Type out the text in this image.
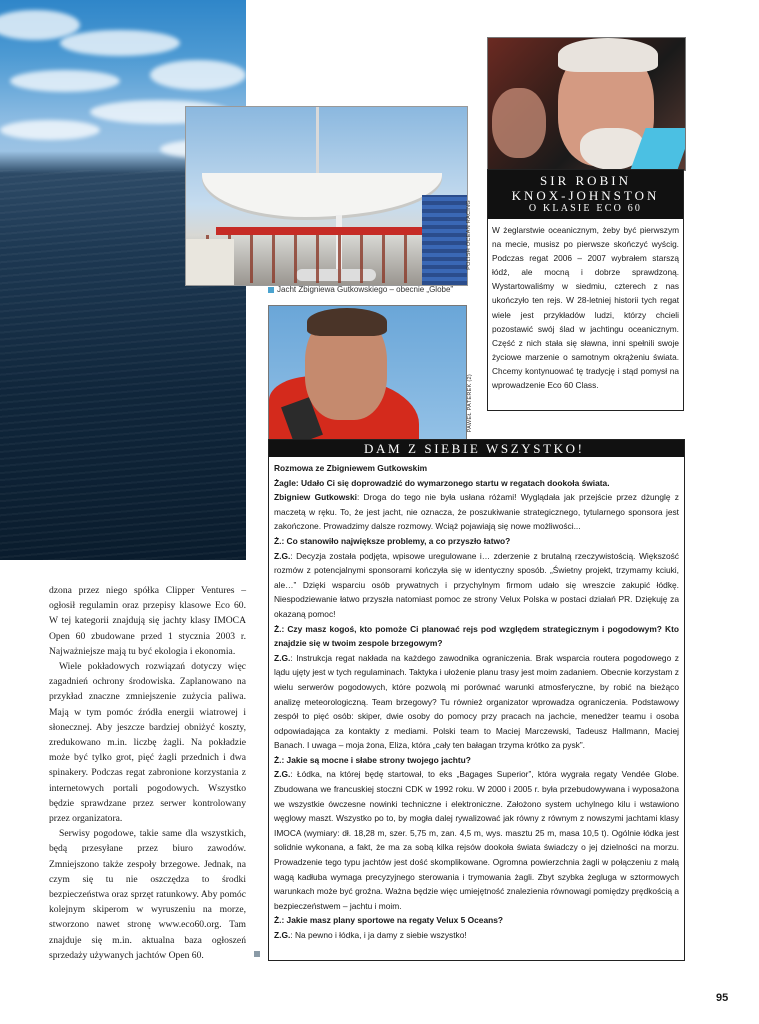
POLISH OCEAN RACING
Jacht Zbigniewa Gutkowskiego – obecnie „Globe”
PAWEŁ PATEREK (2)
SIR ROBIN
KNOX-JOHNSTON
O KLASIE ECO 60
W żeglarstwie oceanicznym, żeby być pierwszym na mecie, musisz po pierwsze skończyć wyścig. Podczas regat 2006 – 2007 wybrałem starszą łódź, ale mocną i dobrze sprawdzoną. Wystartowaliśmy w siedmiu, czterech z nas ukończyło ten rejs. W 28-letniej historii tych regat wiele jest przykładów ludzi, którzy chcieli pozostawić swój ślad w jachtingu oceanicznym. Część z nich stała się sławna, inni spełnili swoje życiowe marzenie o samotnym okrążeniu świata. Chcemy kontynuować tę tradycję i stąd pomysł na wprowadzenie Eco 60 Class.
DAM Z SIEBIE WSZYSTKO!

Rozmowa ze Zbigniewem Gutkowskim

Żagle: Udało Ci się doprowadzić do wymarzonego startu w regatach dookoła świata.

Zbigniew Gutkowski: Droga do tego nie była usłana różami! Wyglądała jak przejście przez dżunglę z maczetą w ręku. To, że jest jacht, nie oznacza, że poszukiwanie strategicznego, tytularnego sponsora jest zakończone. Prowadzimy dalsze rozmowy. Wciąż pojawiają się nowe możliwości...

Ż.: Co stanowiło największe problemy, a co przyszło łatwo?

Z.G.: Decyzja została podjęta, wpisowe uregulowane i… zderzenie z brutalną rzeczywistością. Większość rozmów z potencjalnymi sponsorami kończyła się w identyczny sposób. „Świetny projekt, trzymamy kciuki, ale…” Dzięki wsparciu osób prywatnych i przychylnym firmom udało się wreszcie zakupić łódkę. Niespodziewanie łatwo przyszła natomiast pomoc ze strony Velux Polska w postaci działań PR. Dziękuję za okazaną pomoc!

Ż.: Czy masz kogoś, kto pomoże Ci planować rejs pod względem strategicznym i pogodowym? Kto znajdzie się w twoim zespole brzegowym?

Z.G.: Instrukcja regat nakłada na każdego zawodnika ograniczenia. Brak wsparcia routera pogodowego z lądu ujęty jest w tych regulaminach. Taktyka i ułożenie planu trasy jest moim zadaniem. Obecnie korzystam z wielu serwerów pogodowych, które pozwolą mi porównać warunki atmosferyczne, by robić na bieżąco analizę meteorologiczną. Team brzegowy? Tu również organizator wprowadza ograniczenia. Podstawowy zespół to pięć osób: skiper, dwie osoby do pomocy przy pracach na jachcie, menedżer teamu i osoba odpowiadająca za kontakty z mediami. Polski team to Maciej Marczewski, Tadeusz Hallmann, Maciej Banach. I uwaga – moja żona, Eliza, która „cały ten bałagan trzyma krótko za pysk”.

Ż.: Jakie są mocne i słabe strony twojego jachtu?

Z.G.: Łódka, na której będę startował, to eks „Bagages Superior”, która wygrała regaty Vendée Globe. Zbudowana we francuskiej stoczni CDK w 1992 roku. W 2000 i 2005 r. była przebudowywana i wyposażona we wszystkie ówczesne nowinki techniczne i elektroniczne. Założono system uchylnego kilu i wstawiono węglowy maszt. Wszystko po to, by mogła dalej rywalizować jak równy z równym z nowszymi jachtami klasy IMOCA (wymiary: dł. 18,28 m, szer. 5,75 m, zan. 4,5 m, wys. masztu 25 m, masa 10,5 t). Ogólnie łódka jest solidnie wykonana, a fakt, że ma za sobą kilka rejsów dookoła świata świadczy o jej dzielności na morzu. Prowadzenie tego typu jachtów jest dość skomplikowane. Ogromna powierzchnia żagli w połączeniu z małą wagą kadłuba wymaga precyzyjnego sterowania i trymowania żagli. Zbyt szybka żegluga w sztormowych warunkach może być groźna. Ważna będzie więc umiejętność znalezienia równowagi pomiędzy prędkością a bezpieczeństwem – jachtu i moim.

Ż.: Jakie masz plany sportowe na regaty Velux 5 Oceans?

Z.G.: Na pewno i łódka, i ja damy z siebie wszystko!

dzona przez niego spółka Clipper Ventures – ogłosił regulamin oraz przepisy klasowe Eco 60. W tej kategorii znajdują się jachty klasy IMOCA Open 60 zbudowane przed 1 stycznia 2003 r. Najważniejsze mają tu być ekologia i ekonomia.

Wiele pokładowych rozwiązań dotyczy więc zagadnień ochrony środowiska. Zaplanowano na przykład znaczne zmniejszenie zużycia paliwa. Mają w tym pomóc źródła energii wiatrowej i słonecznej. Aby jeszcze bardziej obniżyć koszty, zredukowano m.in. liczbę żagli. Na pokładzie może być tylko grot, pięć żagli przednich i dwa spinakery. Podczas regat zabronione korzystania z internetowych portali pogodowych. Wszystko będzie sprawdzane przez serwer kontrolowany przez organizatora.

Serwisy pogodowe, takie same dla wszystkich, będą przesyłane przez biuro zawodów. Zmniejszono także zespoły brzegowe. Jednak, na czym się tu nie oszczędza to środki bezpieczeństwa oraz sprzęt ratunkowy. Aby pomóc kolejnym skiperom w wyruszeniu na morze, stworzono nawet stronę www.eco60.org. Tam znajduje się m.in. aktualna baza ogłoszeń sprzedaży używanych jachtów Open 60.

95
